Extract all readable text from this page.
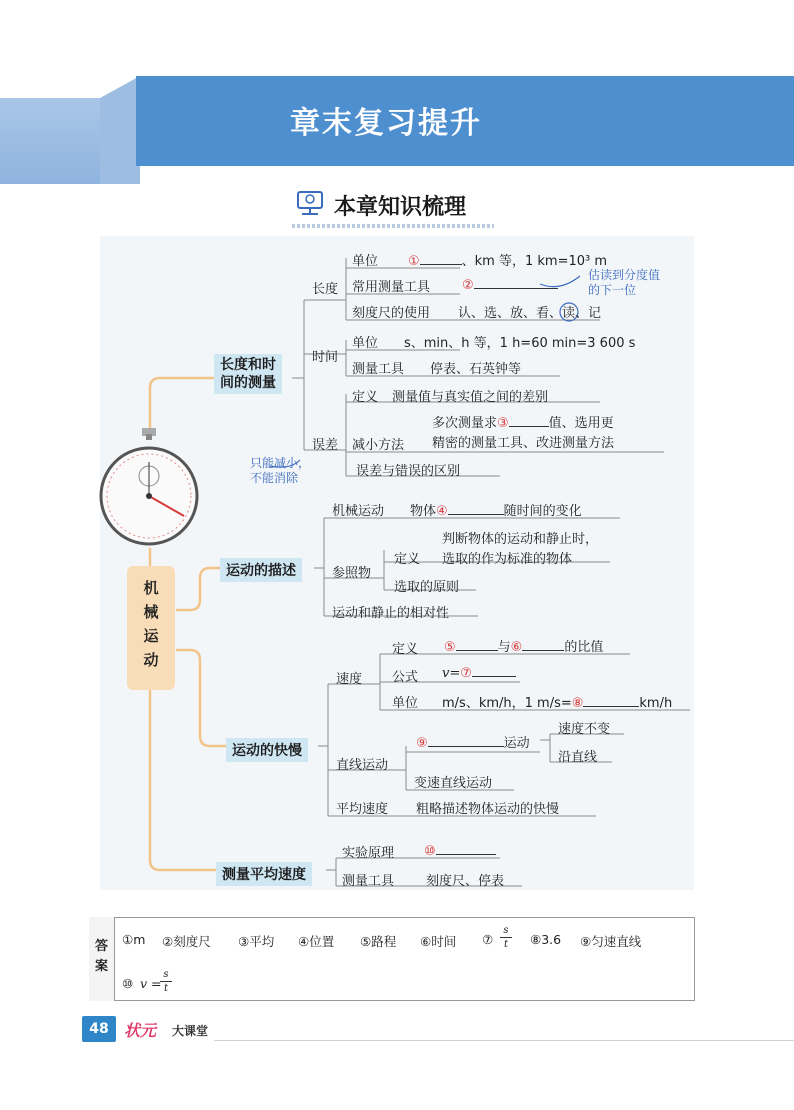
章末复习提升
本章知识梳理
机
械
运
动
长度和时
间的测量
长度
单位 ①	、km 等，1 km=10³ m
常用测量工具 ②
估读到分度值
的下一位
刻度尺的使用 认、选、放、看、读、记
时间
单位 s、min、h 等，1 h=60 min=3 600 s
测量工具 停表、石英钟等
误差
定义 测量值与真实值之间的差别
减小方法
多次测量求③	值、选用更
精密的测量工具、改进测量方法
误差与错误的区别
只能减小，
不能消除
运动的描述
机械运动 物体④	随时间的变化
参照物
定义
判断物体的运动和静止时，
选取的作为标准的物体
选取的原则
运动和静止的相对性
运动的快慢
速度
定义 ⑤	与⑥	的比值
公式 v=⑦
单位 m/s、km/h，1 m/s=⑧	km/h
直线运动
⑨	运动
速度不变
沿直线
变速直线运动
平均速度 粗略描述物体运动的快慢
测量平均速度
实验原理 ⑩
测量工具 刻度尺、停表
答
案
①m ②刻度尺 ③平均 ④位置 ⑤路程 ⑥时间 ⑦
s
t	⑧3.6 ⑨匀速直线
⑩ v =
s
t
48 状元 大课堂
